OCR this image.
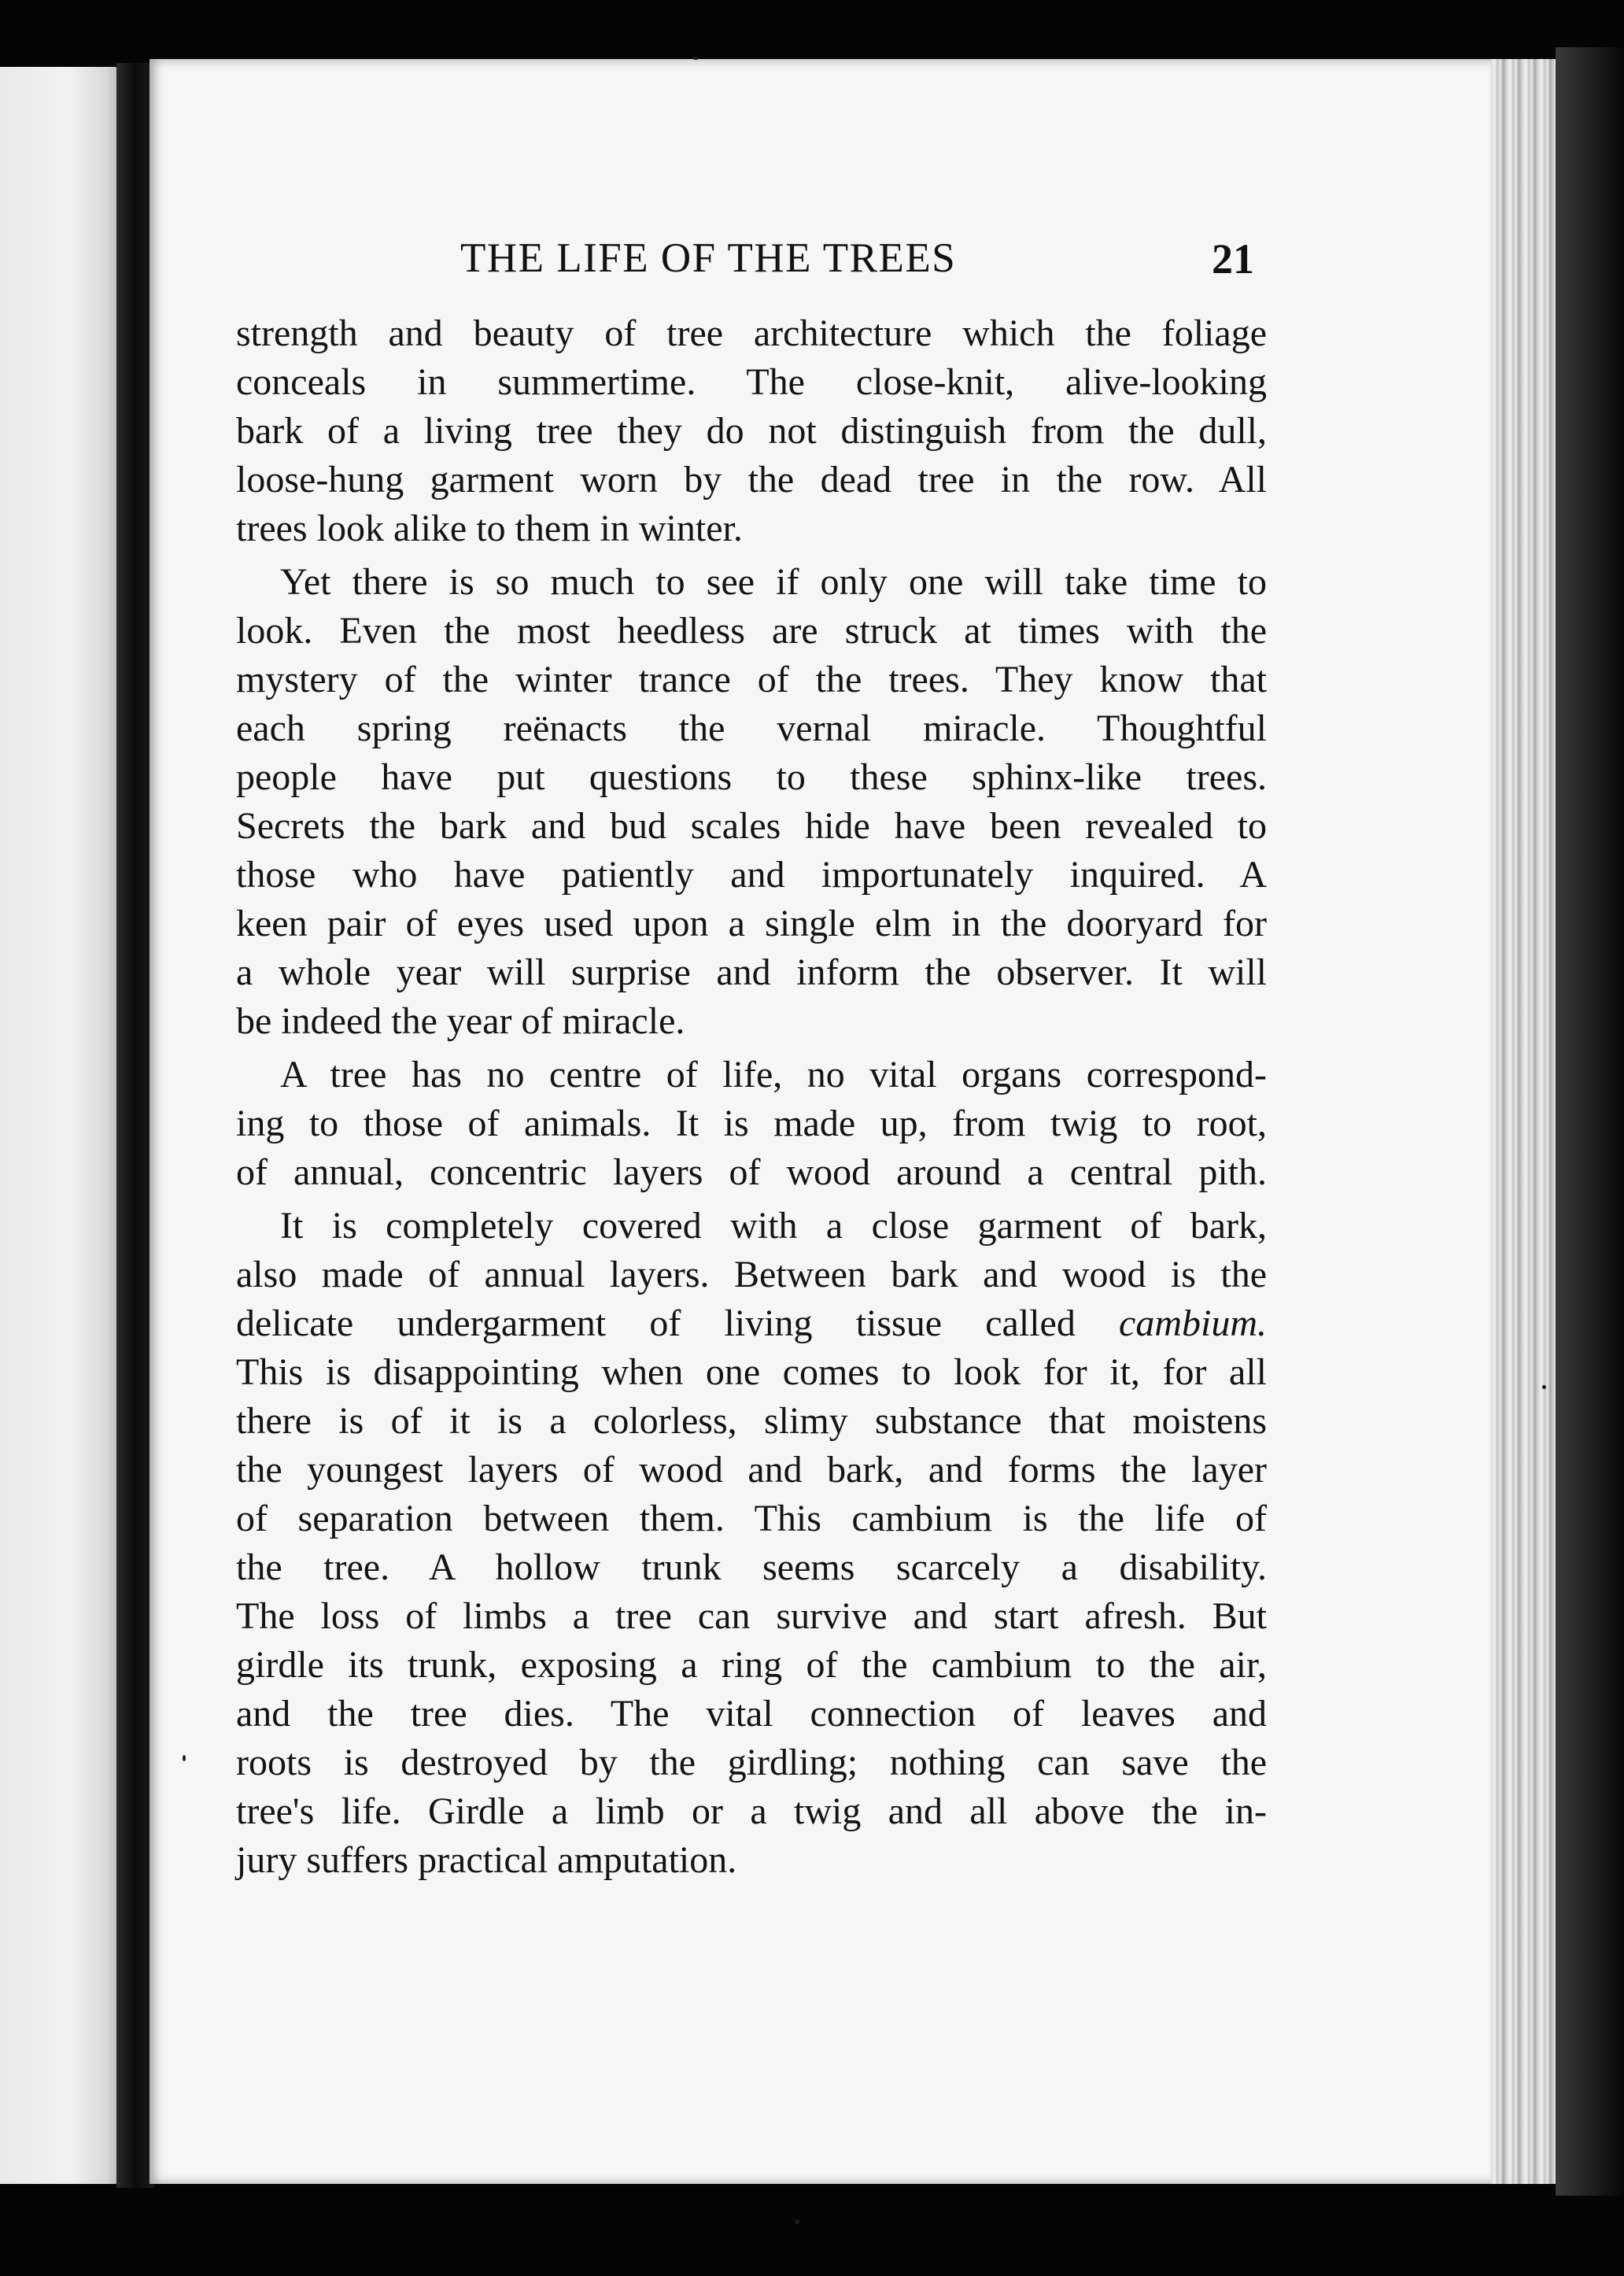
THE LIFE OF THE TREES	21
strength and beauty of tree architecture which the foliage
conceals in summertime. The close-knit, alive-looking
bark of a living tree they do not distinguish from the dull,
loose-hung garment worn by the dead tree in the row. All
trees look alike to them in winter.
Yet there is so much to see if only one will take time to
look. Even the most heedless are struck at times with the
mystery of the winter trance of the trees. They know that
each spring reënacts the vernal miracle. Thoughtful
people have put questions to these sphinx-like trees.
Secrets the bark and bud scales hide have been revealed to
those who have patiently and importunately inquired. A
keen pair of eyes used upon a single elm in the dooryard for
a whole year will surprise and inform the observer. It will
be indeed the year of miracle.
A tree has no centre of life, no vital organs correspond-
ing to those of animals. It is made up, from twig to root,
of annual, concentric layers of wood around a central pith.
It is completely covered with a close garment of bark,
also made of annual layers. Between bark and wood is the
delicate undergarment of living tissue called cambium.
This is disappointing when one comes to look for it, for all
there is of it is a colorless, slimy substance that moistens
the youngest layers of wood and bark, and forms the layer
of separation between them. This cambium is the life of
the tree. A hollow trunk seems scarcely a disability.
The loss of limbs a tree can survive and start afresh. But
girdle its trunk, exposing a ring of the cambium to the air,
and the tree dies. The vital connection of leaves and
roots is destroyed by the girdling; nothing can save the
tree's life. Girdle a limb or a twig and all above the in-
jury suffers practical amputation.
